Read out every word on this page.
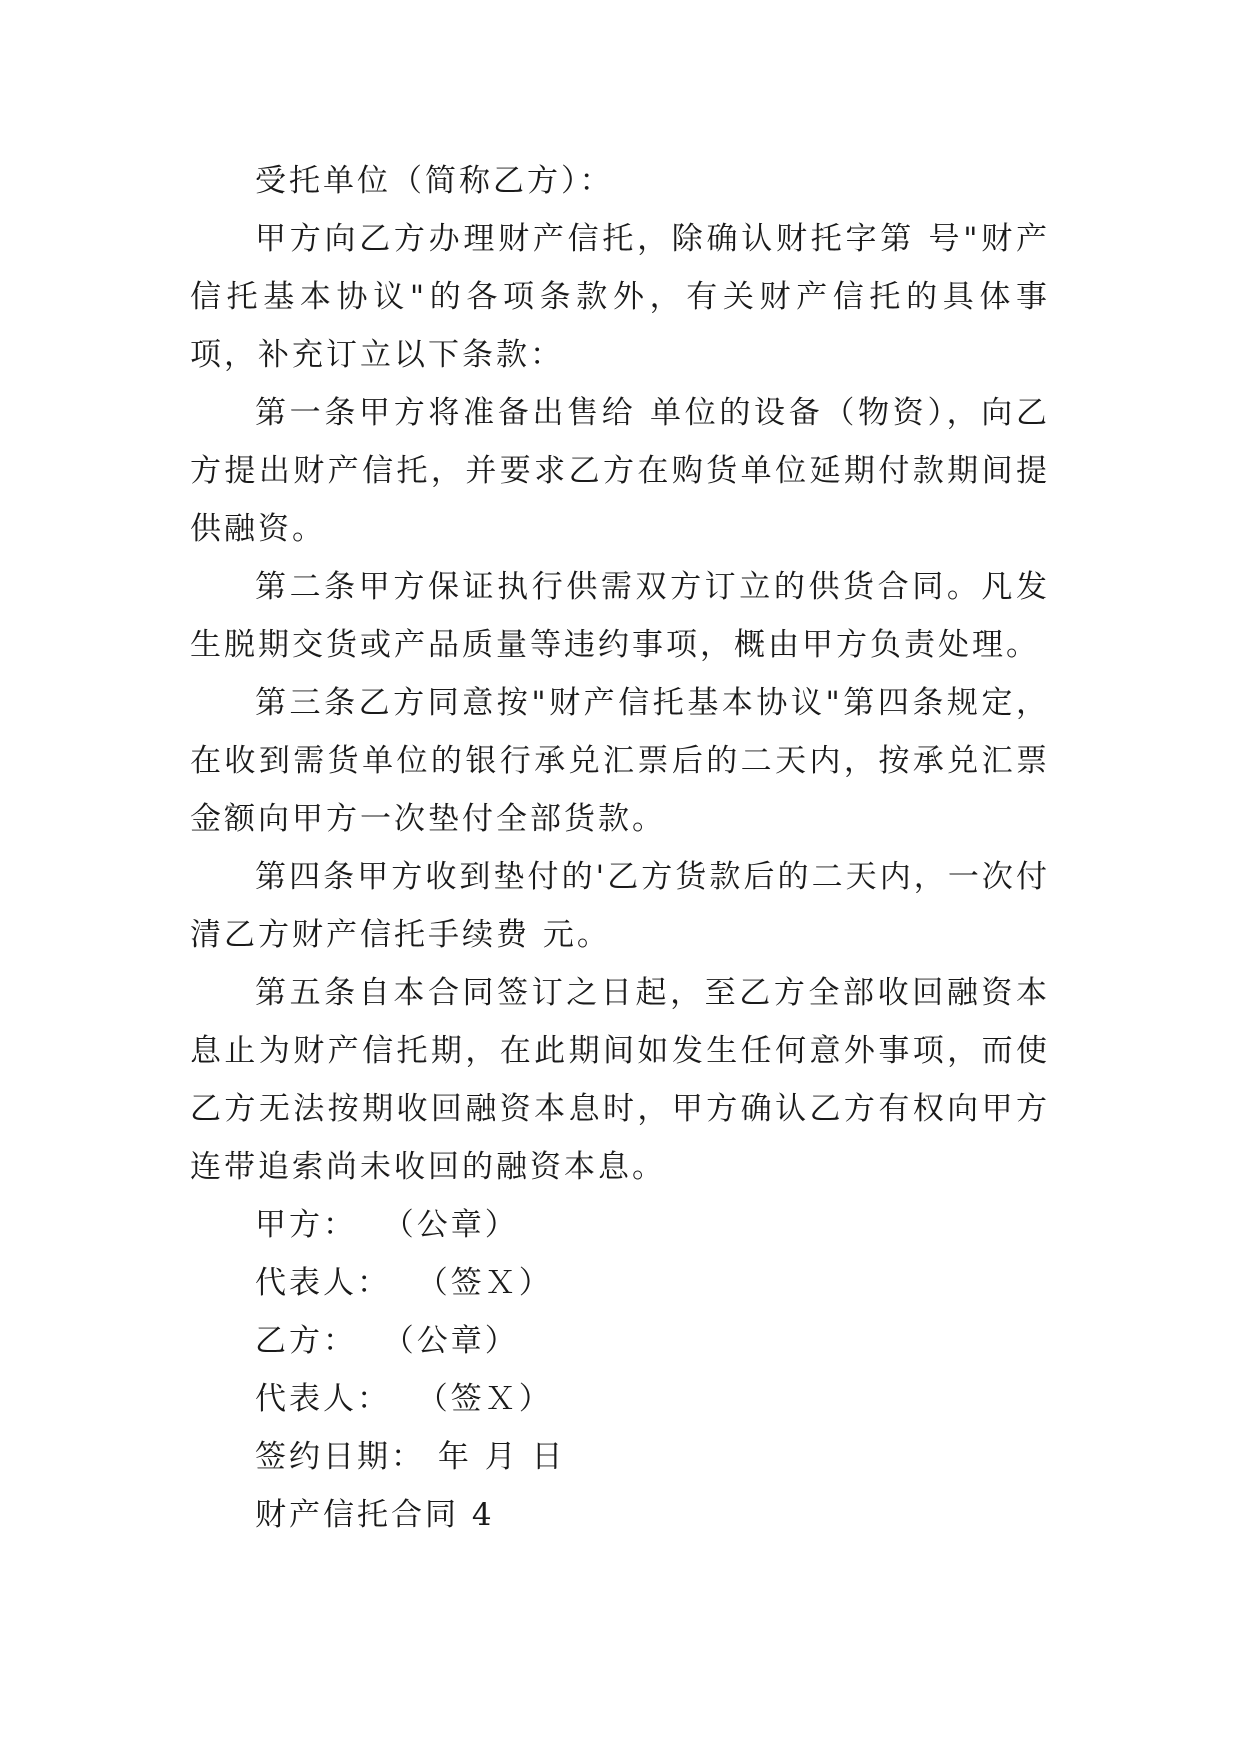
受托单位（简称乙方）：

甲方向乙方办理财产信托，除确认财托字第 号"财产信托基本协议"的各项条款外，有关财产信托的具体事项，补充订立以下条款：

第一条甲方将准备出售给 单位的设备（物资），向乙方提出财产信托，并要求乙方在购货单位延期付款期间提供融资。

第二条甲方保证执行供需双方订立的供货合同。凡发生脱期交货或产品质量等违约事项，概由甲方负责处理。

第三条乙方同意按"财产信托基本协议"第四条规定，在收到需货单位的银行承兑汇票后的二天内，按承兑汇票金额向甲方一次垫付全部货款。

第四条甲方收到垫付的'乙方货款后的二天内，一次付清乙方财产信托手续费 元。

第五条自本合同签订之日起，至乙方全部收回融资本息止为财产信托期，在此期间如发生任何意外事项，而使乙方无法按期收回融资本息时，甲方确认乙方有权向甲方连带追索尚未收回的融资本息。

甲方：  （公章）

代表人：  （签Ｘ）

乙方：  （公章）

代表人：  （签Ｘ）

签约日期： 年 月 日

财产信托合同 4
